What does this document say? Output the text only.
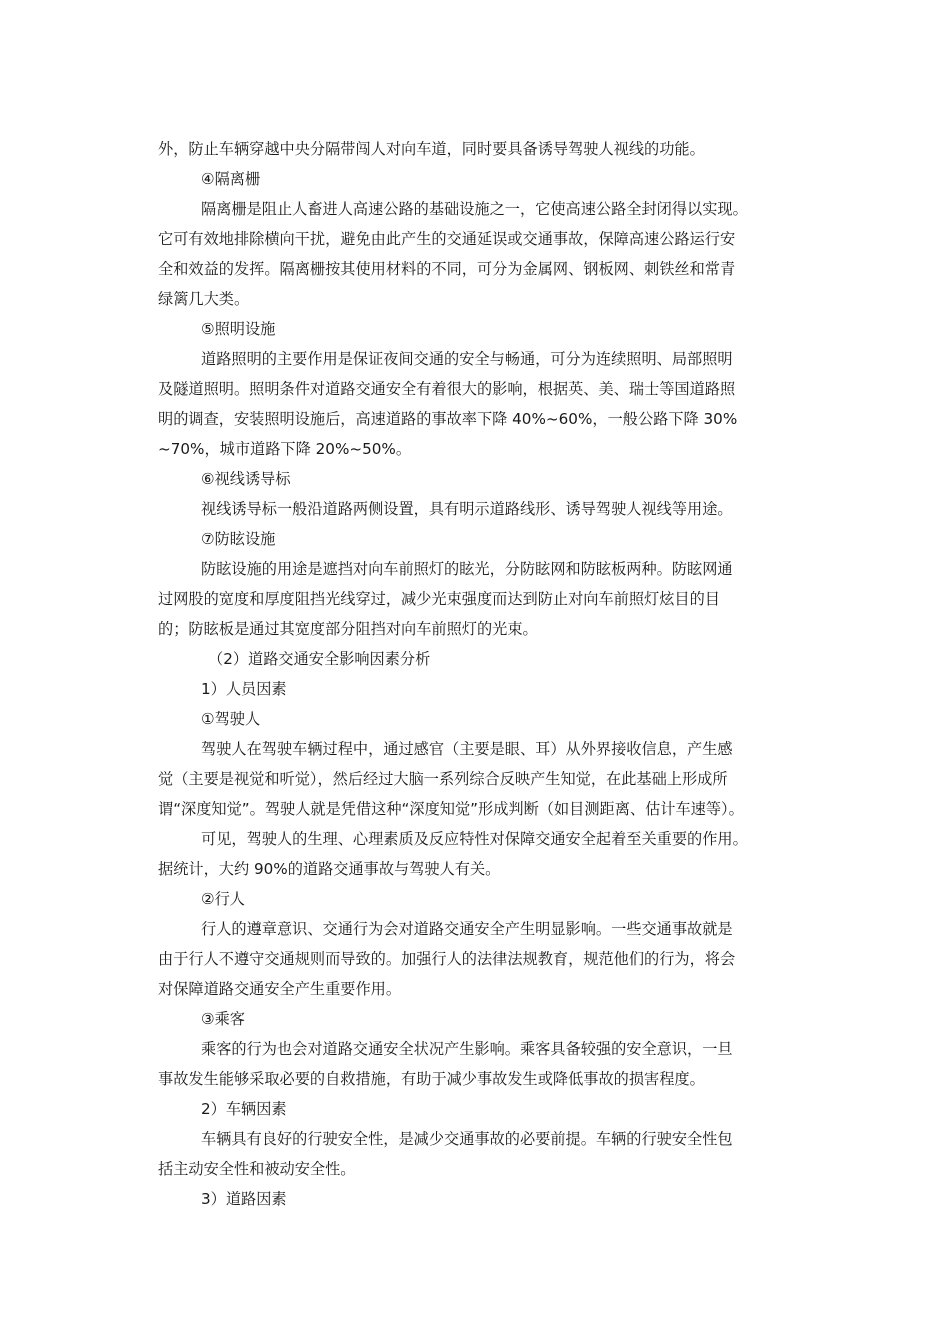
外，防止车辆穿越中央分隔带闯人对向车道，同时要具备诱导驾驶人视线的功能。
④隔离栅
隔离栅是阻止人畜进人高速公路的基础设施之一，它使高速公路全封闭得以实现。
它可有效地排除横向干扰，避免由此产生的交通延误或交通事故，保障高速公路运行安
全和效益的发挥。隔离栅按其使用材料的不同，可分为金属网、钢板网、刺铁丝和常青
绿篱几大类。
⑤照明设施
道路照明的主要作用是保证夜间交通的安全与畅通，可分为连续照明、局部照明
及隧道照明。照明条件对道路交通安全有着很大的影响，根据英、美、瑞士等国道路照
明的调查，安装照明设施后，高速道路的事故率下降 40%~60%，一般公路下降 30%
~70%，城市道路下降 20%~50%。
⑥视线诱导标
视线诱导标一般沿道路两侧设置，具有明示道路线形、诱导驾驶人视线等用途。
⑦防眩设施
防眩设施的用途是遮挡对向车前照灯的眩光，分防眩网和防眩板两种。防眩网通
过网股的宽度和厚度阻挡光线穿过，减少光束强度而达到防止对向车前照灯炫目的目
的；防眩板是通过其宽度部分阻挡对向车前照灯的光束。
（2）道路交通安全影响因素分析
1）人员因素
①驾驶人
驾驶人在驾驶车辆过程中，通过感官（主要是眼、耳）从外界接收信息，产生感
觉（主要是视觉和听觉），然后经过大脑一系列综合反映产生知觉，在此基础上形成所
谓“深度知觉”。驾驶人就是凭借这种“深度知觉”形成判断（如目测距离、估计车速等）。
可见，驾驶人的生理、心理素质及反应特性对保障交通安全起着至关重要的作用。
据统计，大约 90%的道路交通事故与驾驶人有关。
②行人
行人的遵章意识、交通行为会对道路交通安全产生明显影响。一些交通事故就是
由于行人不遵守交通规则而导致的。加强行人的法律法规教育，规范他们的行为，将会
对保障道路交通安全产生重要作用。
③乘客
乘客的行为也会对道路交通安全状况产生影响。乘客具备较强的安全意识，一旦
事故发生能够采取必要的自救措施，有助于减少事故发生或降低事故的损害程度。
2）车辆因素
车辆具有良好的行驶安全性，是减少交通事故的必要前提。车辆的行驶安全性包
括主动安全性和被动安全性。
3）道路因素
